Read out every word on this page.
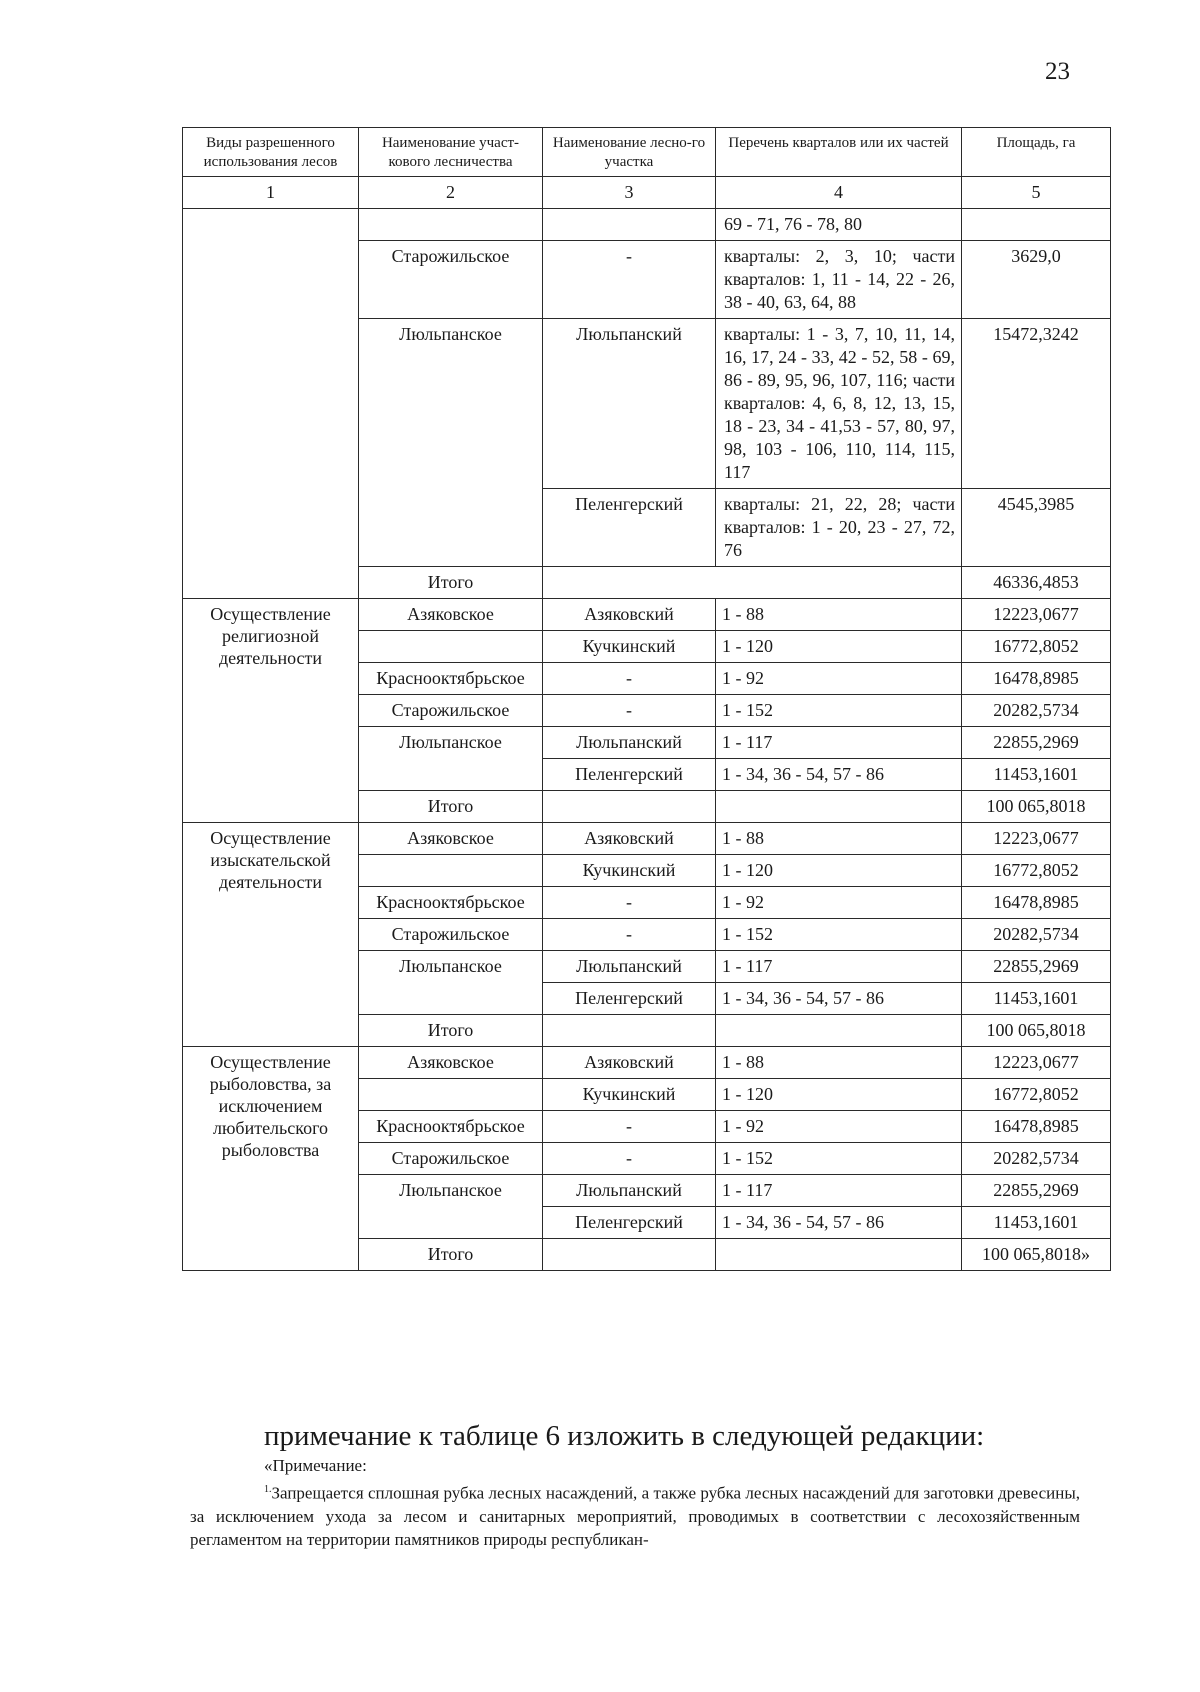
23
Виды разрешенного использования лесов	Наименование участ-кового лесничества	Наименование лесно-го участка	Перечень кварталов или их частей	Площадь, га
1	2	3	4	5
			69 - 71, 76 - 78, 80	
	Старожильское	-	кварталы: 2, 3, 10; части кварталов: 1, 11 - 14, 22 - 26, 38 - 40, 63, 64, 88	3629,0
	Люльпанское	Люльпанский	кварталы: 1 - 3, 7, 10, 11, 14, 16, 17, 24 - 33, 42 - 52, 58 - 69, 86 - 89, 95, 96, 107, 116; части кварталов: 4, 6, 8, 12, 13, 15, 18 - 23, 34 - 41,53 - 57, 80, 97, 98, 103 - 106, 110, 114, 115, 117	15472,3242
		Пеленгерский	кварталы: 21, 22, 28; части кварталов: 1 - 20, 23 - 27, 72, 76	4545,3985
	Итого			46336,4853
Осуществление религиозной деятельности	Азяковское	Азяковский	1 - 88	12223,0677
		Кучкинский	1 - 120	16772,8052
	Краснооктябрьское	-	1 - 92	16478,8985
	Старожильское	-	1 - 152	20282,5734
	Люльпанское	Люльпанский	1 - 117	22855,2969
		Пеленгерский	1 - 34, 36 - 54, 57 - 86	11453,1601
	Итого			100 065,8018
Осуществление изыскательской деятельности	Азяковское	Азяковский	1 - 88	12223,0677
		Кучкинский	1 - 120	16772,8052
	Краснооктябрьское	-	1 - 92	16478,8985
	Старожильское	-	1 - 152	20282,5734
	Люльпанское	Люльпанский	1 - 117	22855,2969
		Пеленгерский	1 - 34, 36 - 54, 57 - 86	11453,1601
	Итого			100 065,8018
Осуществление рыболовства, за исключением любительского рыболовства	Азяковское	Азяковский	1 - 88	12223,0677
		Кучкинский	1 - 120	16772,8052
	Краснооктябрьское	-	1 - 92	16478,8985
	Старожильское	-	1 - 152	20282,5734
	Люльпанское	Люльпанский	1 - 117	22855,2969
		Пеленгерский	1 - 34, 36 - 54, 57 - 86	11453,1601
	Итого			100 065,8018»
примечание к таблице 6 изложить в следующей редакции:
«Примечание:
$^{1.}$Запрещается сплошная рубка лесных насаждений, а также рубка лесных насаждений для заготовки древесины, за исключением ухода за лесом и санитарных мероприятий, проводимых в соответствии с лесохозяйственным регламентом на территории памятников природы республикан-
